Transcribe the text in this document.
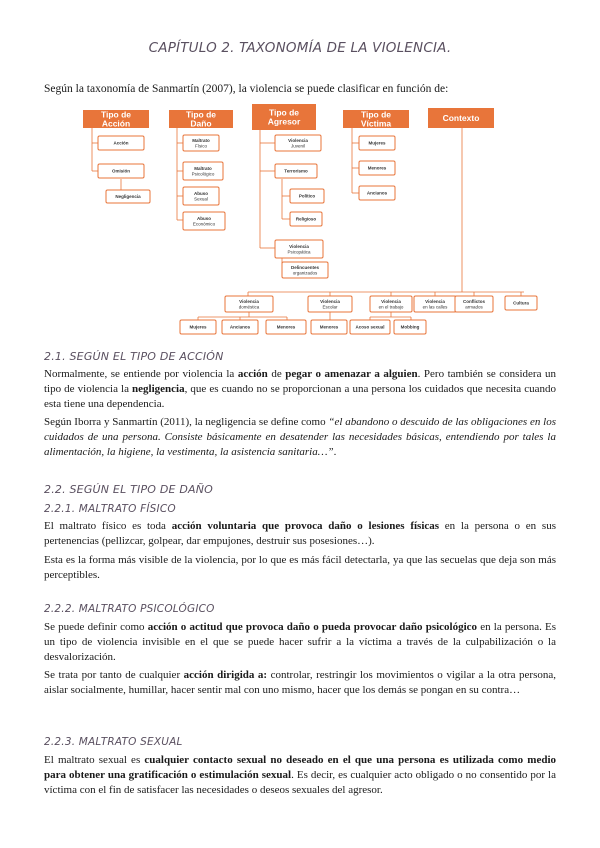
CAPÍTULO 2. TAXONOMÍA DE LA VIOLENCIA.
Según la taxonomía de Sanmartín (2007), la violencia se puede clasificar en función de:
Tipo de
Acción
Tipo de
Daño
Tipo de
Agresor
Tipo de
Víctima
Contexto
Acción
Omisión
Negligencia
Maltrato
Físico
Maltrato
Psicológico
Abuso
Sexual
Abuso
Económico
Violencia
Juvenil
Terrorismo
Político
Religioso
Violencia
Psicopática
Delincuentes
organizados
Mujeres
Menores
Ancianos
Violencia
doméstica
Violencia
Escolar
Violencia
en el trabajo
Violencia
en las calles
Conflictos
armados
Cultura
Mujeres	Ancianos	Menores	Menores	Acoso sexual	Mobbing
2.1. SEGÚN EL TIPO DE ACCIÓN

Normalmente, se entiende por violencia la acción de pegar o amenazar a alguien. Pero también se considera un tipo de violencia la negligencia, que es cuando no se proporcionan a una persona los cuidados que necesita cuando esta tiene una dependencia.

Según Iborra y Sanmartín (2011), la negligencia se define como “el abandono o descuido de las obligaciones en los cuidados de una persona. Consiste básicamente en desatender las necesidades básicas, entendiendo por tales la alimentación, la higiene, la vestimenta, la asistencia sanitaria…”.

2.2. SEGÚN EL TIPO DE DAÑO
2.2.1. MALTRATO FÍSICO

El maltrato físico es toda acción voluntaria que provoca daño o lesiones físicas en la persona o en sus pertenencias (pellizcar, golpear, dar empujones, destruir sus posesiones…).

Esta es la forma más visible de la violencia, por lo que es más fácil detectarla, ya que las secuelas que deja son más perceptibles.

2.2.2. MALTRATO PSICOLÓGICO

Se puede definir como acción o actitud que provoca daño o pueda provocar daño psicológico en la persona. Es un tipo de violencia invisible en el que se puede hacer sufrir a la víctima a través de la culpabilización o la desvalorización.

Se trata por tanto de cualquier acción dirigida a: controlar, restringir los movimientos o vigilar a la otra persona, aislar socialmente, humillar, hacer sentir mal con uno mismo, hacer que los demás se pongan en su contra…

2.2.3. MALTRATO SEXUAL

El maltrato sexual es cualquier contacto sexual no deseado en el que una persona es utilizada como medio para obtener una gratificación o estimulación sexual. Es decir, es cualquier acto obligado o no consentido por la víctima con el fin de satisfacer las necesidades o deseos sexuales del agresor.
